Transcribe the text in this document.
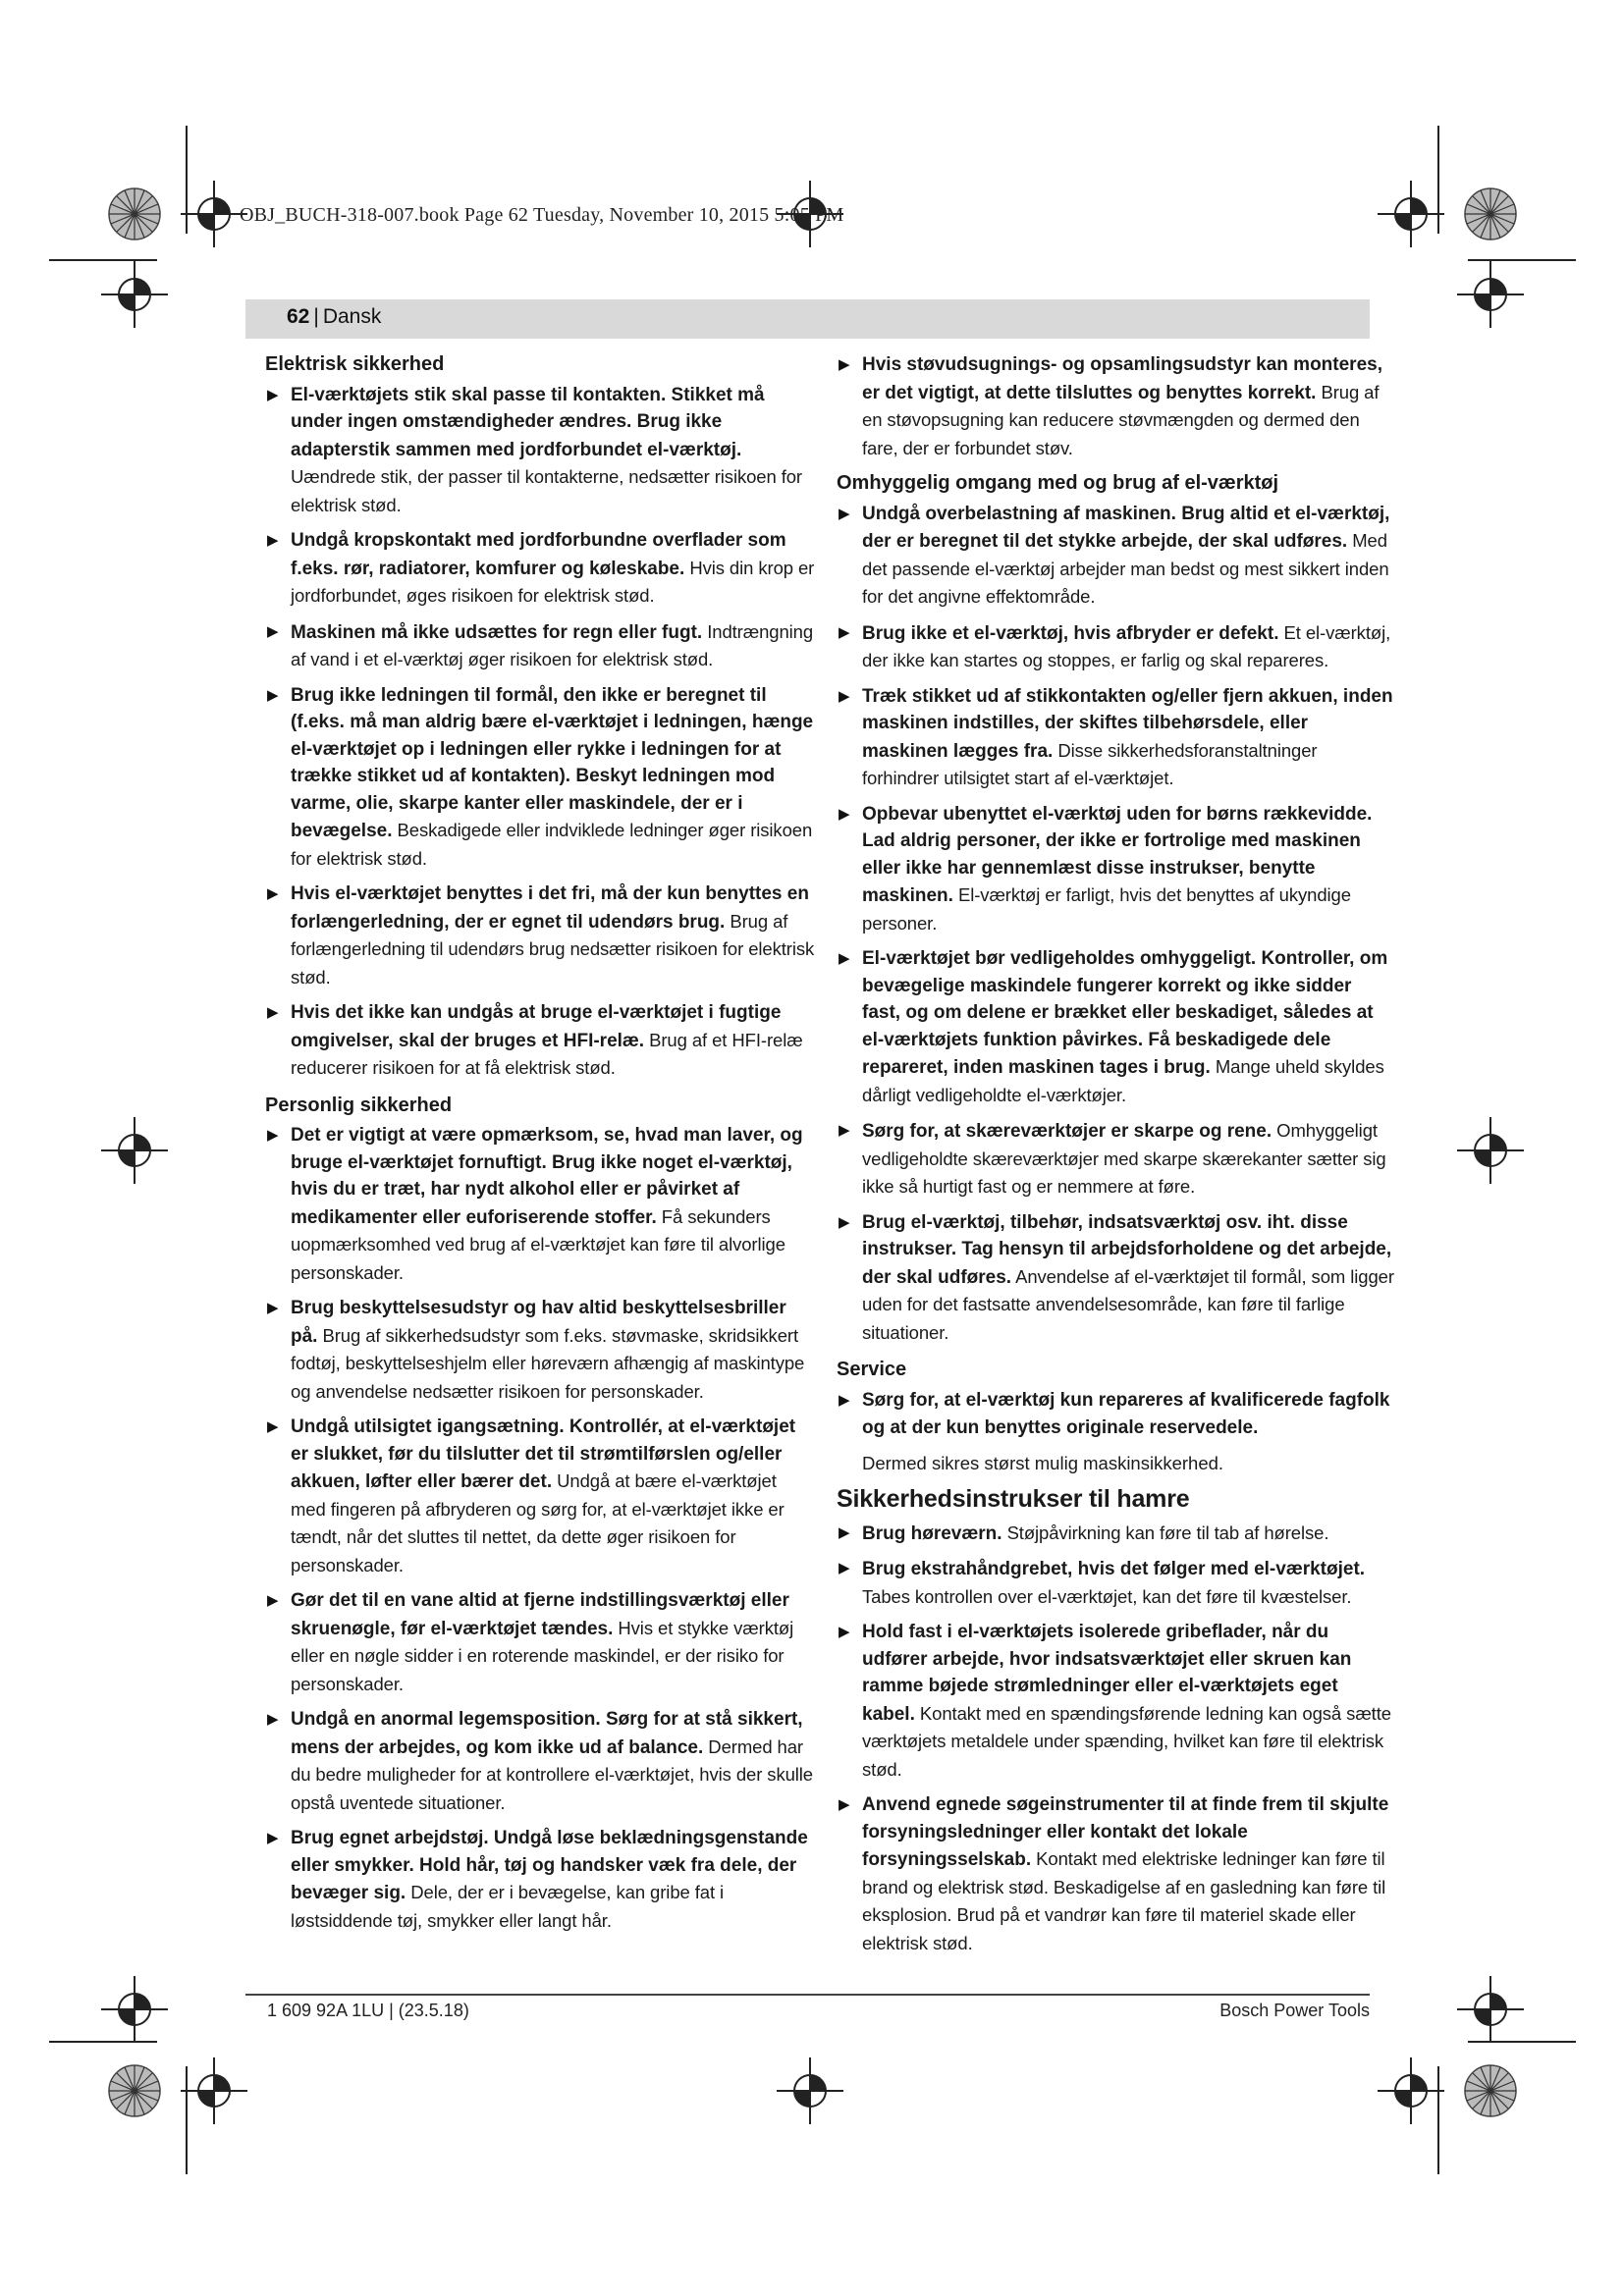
OBJ_BUCH-318-007.book Page 62 Tuesday, November 10, 2015 5:05 PM
62 | Dansk
Elektrisk sikkerhed
▶ El-værktøjets stik skal passe til kontakten. Stikket må under ingen omstændigheder ændres. Brug ikke adapterstik sammen med jordforbundet el-værktøj. Uændrede stik, der passer til kontakterne, nedsætter risikoen for elektrisk stød.
▶ Undgå kropskontakt med jordforbundne overflader som f.eks. rør, radiatorer, komfurer og køleskabe. Hvis din krop er jordforbundet, øges risikoen for elektrisk stød.
▶ Maskinen må ikke udsættes for regn eller fugt. Indtrængning af vand i et el-værktøj øger risikoen for elektrisk stød.
▶ Brug ikke ledningen til formål, den ikke er beregnet til (f.eks. må man aldrig bære el-værktøjet i ledningen, hænge el-værktøjet op i ledningen eller rykke i ledningen for at trække stikket ud af kontakten). Beskyt ledningen mod varme, olie, skarpe kanter eller maskindele, der er i bevægelse. Beskadigede eller indviklede ledninger øger risikoen for elektrisk stød.
▶ Hvis el-værktøjet benyttes i det fri, må der kun benyttes en forlængerledning, der er egnet til udendørs brug. Brug af forlængerledning til udendørs brug nedsætter risikoen for elektrisk stød.
▶ Hvis det ikke kan undgås at bruge el-værktøjet i fugtige omgivelser, skal der bruges et HFI-relæ. Brug af et HFI-relæ reducerer risikoen for at få elektrisk stød.
Personlig sikkerhed
▶ Det er vigtigt at være opmærksom, se, hvad man laver, og bruge el-værktøjet fornuftigt. Brug ikke noget el-værktøj, hvis du er træt, har nydt alkohol eller er påvirket af medikamenter eller euforiserende stoffer. Få sekunders uopmærksomhed ved brug af el-værktøjet kan føre til alvorlige personskader.
▶ Brug beskyttelsesudstyr og hav altid beskyttelsesbriller på. Brug af sikkerhedsudstyr som f.eks. støvmaske, skridsikkert fodtøj, beskyttelseshjelm eller høreværn afhængig af maskintype og anvendelse nedsætter risikoen for personskader.
▶ Undgå utilsigtet igangsætning. Kontrollér, at el-værktøjet er slukket, før du tilslutter det til strømtilførslen og/eller akkuen, løfter eller bærer det. Undgå at bære el-værktøjet med fingeren på afbryderen og sørg for, at el-værktøjet ikke er tændt, når det sluttes til nettet, da dette øger risikoen for personskader.
▶ Gør det til en vane altid at fjerne indstillingsværktøj eller skruenøgle, før el-værktøjet tændes. Hvis et stykke værktøj eller en nøgle sidder i en roterende maskindel, er der risiko for personskader.
▶ Undgå en anormal legemsposition. Sørg for at stå sikkert, mens der arbejdes, og kom ikke ud af balance. Dermed har du bedre muligheder for at kontrollere el-værktøjet, hvis der skulle opstå uventede situationer.
▶ Brug egnet arbejdstøj. Undgå løse beklædningsgenstande eller smykker. Hold hår, tøj og handsker væk fra dele, der bevæger sig. Dele, der er i bevægelse, kan gribe fat i løstsiddende tøj, smykker eller langt hår.
▶ Hvis støvudsugnings- og opsamlingsudstyr kan monteres, er det vigtigt, at dette tilsluttes og benyttes korrekt. Brug af en støvopsugning kan reducere støvmængden og dermed den fare, der er forbundet støv.
Omhyggelig omgang med og brug af el-værktøj
▶ Undgå overbelastning af maskinen. Brug altid et el-værktøj, der er beregnet til det stykke arbejde, der skal udføres. Med det passende el-værktøj arbejder man bedst og mest sikkert inden for det angivne effektområde.
▶ Brug ikke et el-værktøj, hvis afbryder er defekt. Et el-værktøj, der ikke kan startes og stoppes, er farlig og skal repareres.
▶ Træk stikket ud af stikkontakten og/eller fjern akkuen, inden maskinen indstilles, der skiftes tilbehørsdele, eller maskinen lægges fra. Disse sikkerhedsforanstaltninger forhindrer utilsigtet start af el-værktøjet.
▶ Opbevar ubenyttet el-værktøj uden for børns rækkevidde. Lad aldrig personer, der ikke er fortrolige med maskinen eller ikke har gennemlæst disse instrukser, benytte maskinen. El-værktøj er farligt, hvis det benyttes af ukyndige personer.
▶ El-værktøjet bør vedligeholdes omhyggeligt. Kontroller, om bevægelige maskindele fungerer korrekt og ikke sidder fast, og om delene er brækket eller beskadiget, således at el-værktøjets funktion påvirkes. Få beskadigede dele repareret, inden maskinen tages i brug. Mange uheld skyldes dårligt vedligeholdte el-værktøjer.
▶ Sørg for, at skæreværktøjer er skarpe og rene. Omhyggeligt vedligeholdte skæreværktøjer med skarpe skærekanter sætter sig ikke så hurtigt fast og er nemmere at føre.
▶ Brug el-værktøj, tilbehør, indsatsværktøj osv. iht. disse instrukser. Tag hensyn til arbejdsforholdene og det arbejde, der skal udføres. Anvendelse af el-værktøjet til formål, som ligger uden for det fastsatte anvendelsesområde, kan føre til farlige situationer.
Service
▶ Sørg for, at el-værktøj kun repareres af kvalificerede fagfolk og at der kun benyttes originale reservedele.
Dermed sikres størst mulig maskinsikkerhed.
Sikkerhedsinstrukser til hamre
▶ Brug høreværn. Støjpåvirkning kan føre til tab af hørelse.
▶ Brug ekstrahåndgrebet, hvis det følger med el-værktøjet. Tabes kontrollen over el-værktøjet, kan det føre til kvæstelser.
▶ Hold fast i el-værktøjets isolerede gribeflader, når du udfører arbejde, hvor indsatsværktøjet eller skruen kan ramme bøjede strømledninger eller el-værktøjets eget kabel. Kontakt med en spændingsførende ledning kan også sætte værktøjets metaldele under spænding, hvilket kan føre til elektrisk stød.
▶ Anvend egnede søgeinstrumenter til at finde frem til skjulte forsyningsledninger eller kontakt det lokale forsyningsselskab. Kontakt med elektriske ledninger kan føre til brand og elektrisk stød. Beskadigelse af en gasledning kan føre til eksplosion. Brud på et vandrør kan føre til materiel skade eller elektrisk stød.
1 609 92A 1LU | (23.5.18)	Bosch Power Tools
